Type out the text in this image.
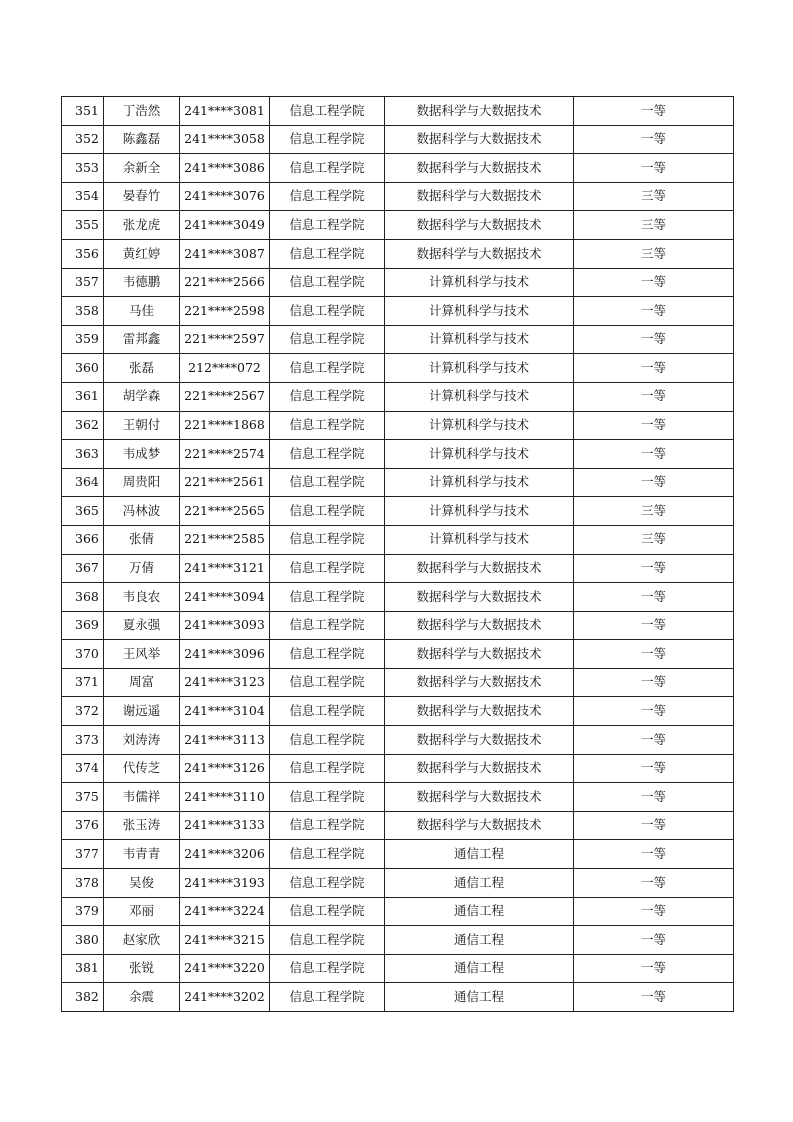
351	丁浩然	241****3081	信息工程学院	数据科学与大数据技术	一等
352	陈鑫磊	241****3058	信息工程学院	数据科学与大数据技术	一等
353	余新全	241****3086	信息工程学院	数据科学与大数据技术	一等
354	晏春竹	241****3076	信息工程学院	数据科学与大数据技术	三等
355	张龙虎	241****3049	信息工程学院	数据科学与大数据技术	三等
356	黄红婷	241****3087	信息工程学院	数据科学与大数据技术	三等
357	韦德鹏	221****2566	信息工程学院	计算机科学与技术	一等
358	马佳	221****2598	信息工程学院	计算机科学与技术	一等
359	雷邦鑫	221****2597	信息工程学院	计算机科学与技术	一等
360	张磊	212****072	信息工程学院	计算机科学与技术	一等
361	胡学森	221****2567	信息工程学院	计算机科学与技术	一等
362	王朝付	221****1868	信息工程学院	计算机科学与技术	一等
363	韦成梦	221****2574	信息工程学院	计算机科学与技术	一等
364	周贵阳	221****2561	信息工程学院	计算机科学与技术	一等
365	冯林波	221****2565	信息工程学院	计算机科学与技术	三等
366	张倩	221****2585	信息工程学院	计算机科学与技术	三等
367	万倩	241****3121	信息工程学院	数据科学与大数据技术	一等
368	韦良农	241****3094	信息工程学院	数据科学与大数据技术	一等
369	夏永强	241****3093	信息工程学院	数据科学与大数据技术	一等
370	王风举	241****3096	信息工程学院	数据科学与大数据技术	一等
371	周富	241****3123	信息工程学院	数据科学与大数据技术	一等
372	谢远遥	241****3104	信息工程学院	数据科学与大数据技术	一等
373	刘涛涛	241****3113	信息工程学院	数据科学与大数据技术	一等
374	代传芝	241****3126	信息工程学院	数据科学与大数据技术	一等
375	韦儒祥	241****3110	信息工程学院	数据科学与大数据技术	一等
376	张玉涛	241****3133	信息工程学院	数据科学与大数据技术	一等
377	韦青青	241****3206	信息工程学院	通信工程	一等
378	吴俊	241****3193	信息工程学院	通信工程	一等
379	邓丽	241****3224	信息工程学院	通信工程	一等
380	赵家欣	241****3215	信息工程学院	通信工程	一等
381	张锐	241****3220	信息工程学院	通信工程	一等
382	余震	241****3202	信息工程学院	通信工程	一等
